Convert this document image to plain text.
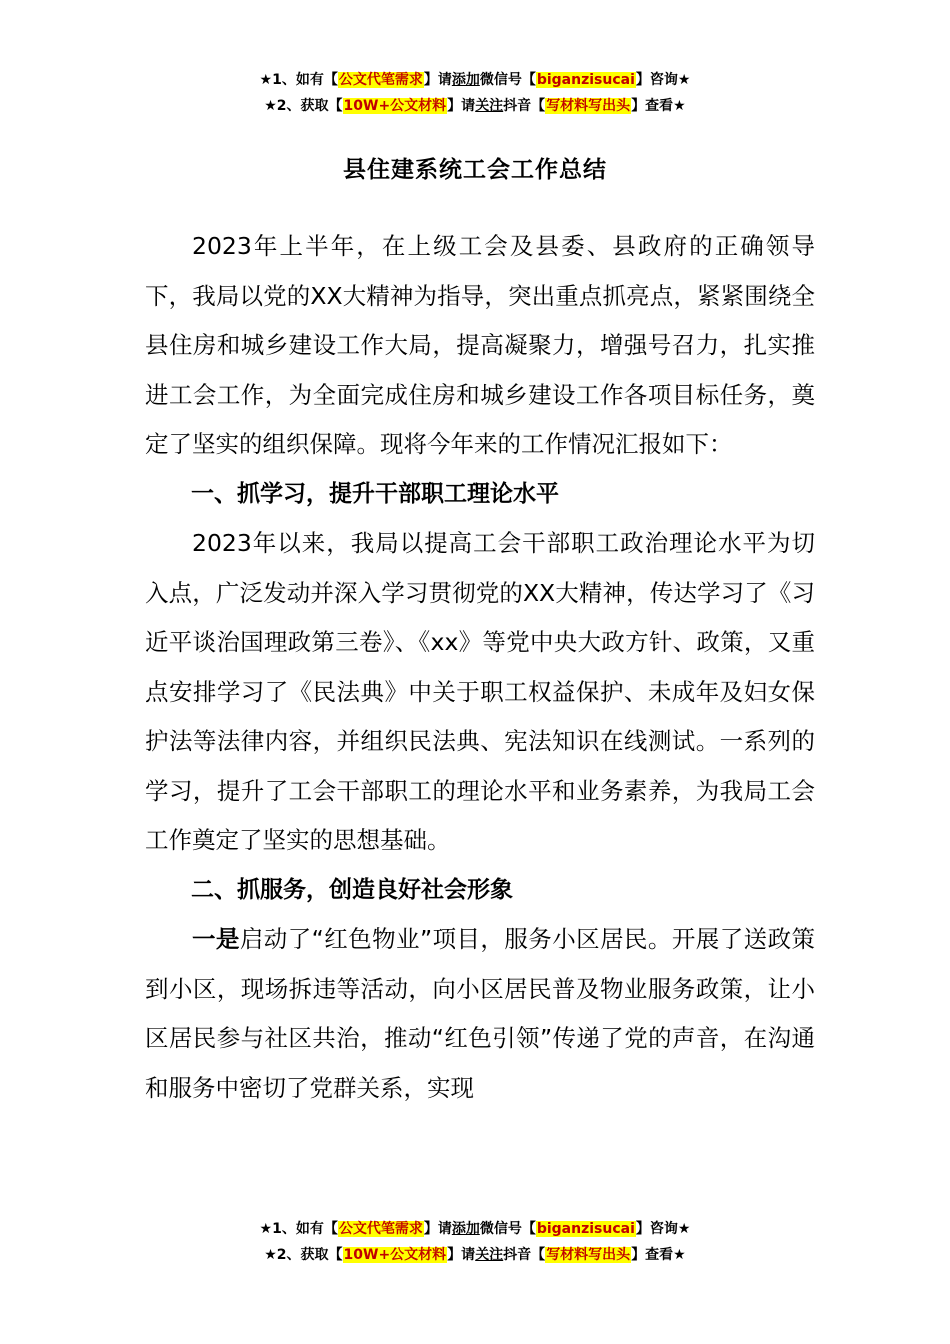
★1、如有【公文代笔需求】请添加微信号【biganzisucai】咨询★
★2、获取【10W+公文材料】请关注抖音【写材料写出头】查看★
县住建系统工会工作总结

2023年上半年，在上级工会及县委、县政府的正确领导下，我局以党的XX大精神为指导，突出重点抓亮点，紧紧围绕全县住房和城乡建设工作大局，提高凝聚力，增强号召力，扎实推进工会工作，为全面完成住房和城乡建设工作各项目标任务，奠定了坚实的组织保障。现将今年来的工作情况汇报如下：

一、抓学习，提升干部职工理论水平

2023年以来，我局以提高工会干部职工政治理论水平为切入点，广泛发动并深入学习贯彻党的XX大精神，传达学习了《习近平谈治国理政第三卷》、《xx》等党中央大政方针、政策，又重点安排学习了《民法典》中关于职工权益保护、未成年及妇女保护法等法律内容，并组织民法典、宪法知识在线测试。一系列的学习，提升了工会干部职工的理论水平和业务素养，为我局工会工作奠定了坚实的思想基础。

二、抓服务，创造良好社会形象

一是启动了“红色物业”项目，服务小区居民。开展了送政策到小区，现场拆违等活动，向小区居民普及物业服务政策，让小区居民参与社区共治，推动“红色引领”传递了党的声音，在沟通和服务中密切了党群关系，实现

★1、如有【公文代笔需求】请添加微信号【biganzisucai】咨询★
★2、获取【10W+公文材料】请关注抖音【写材料写出头】查看★
